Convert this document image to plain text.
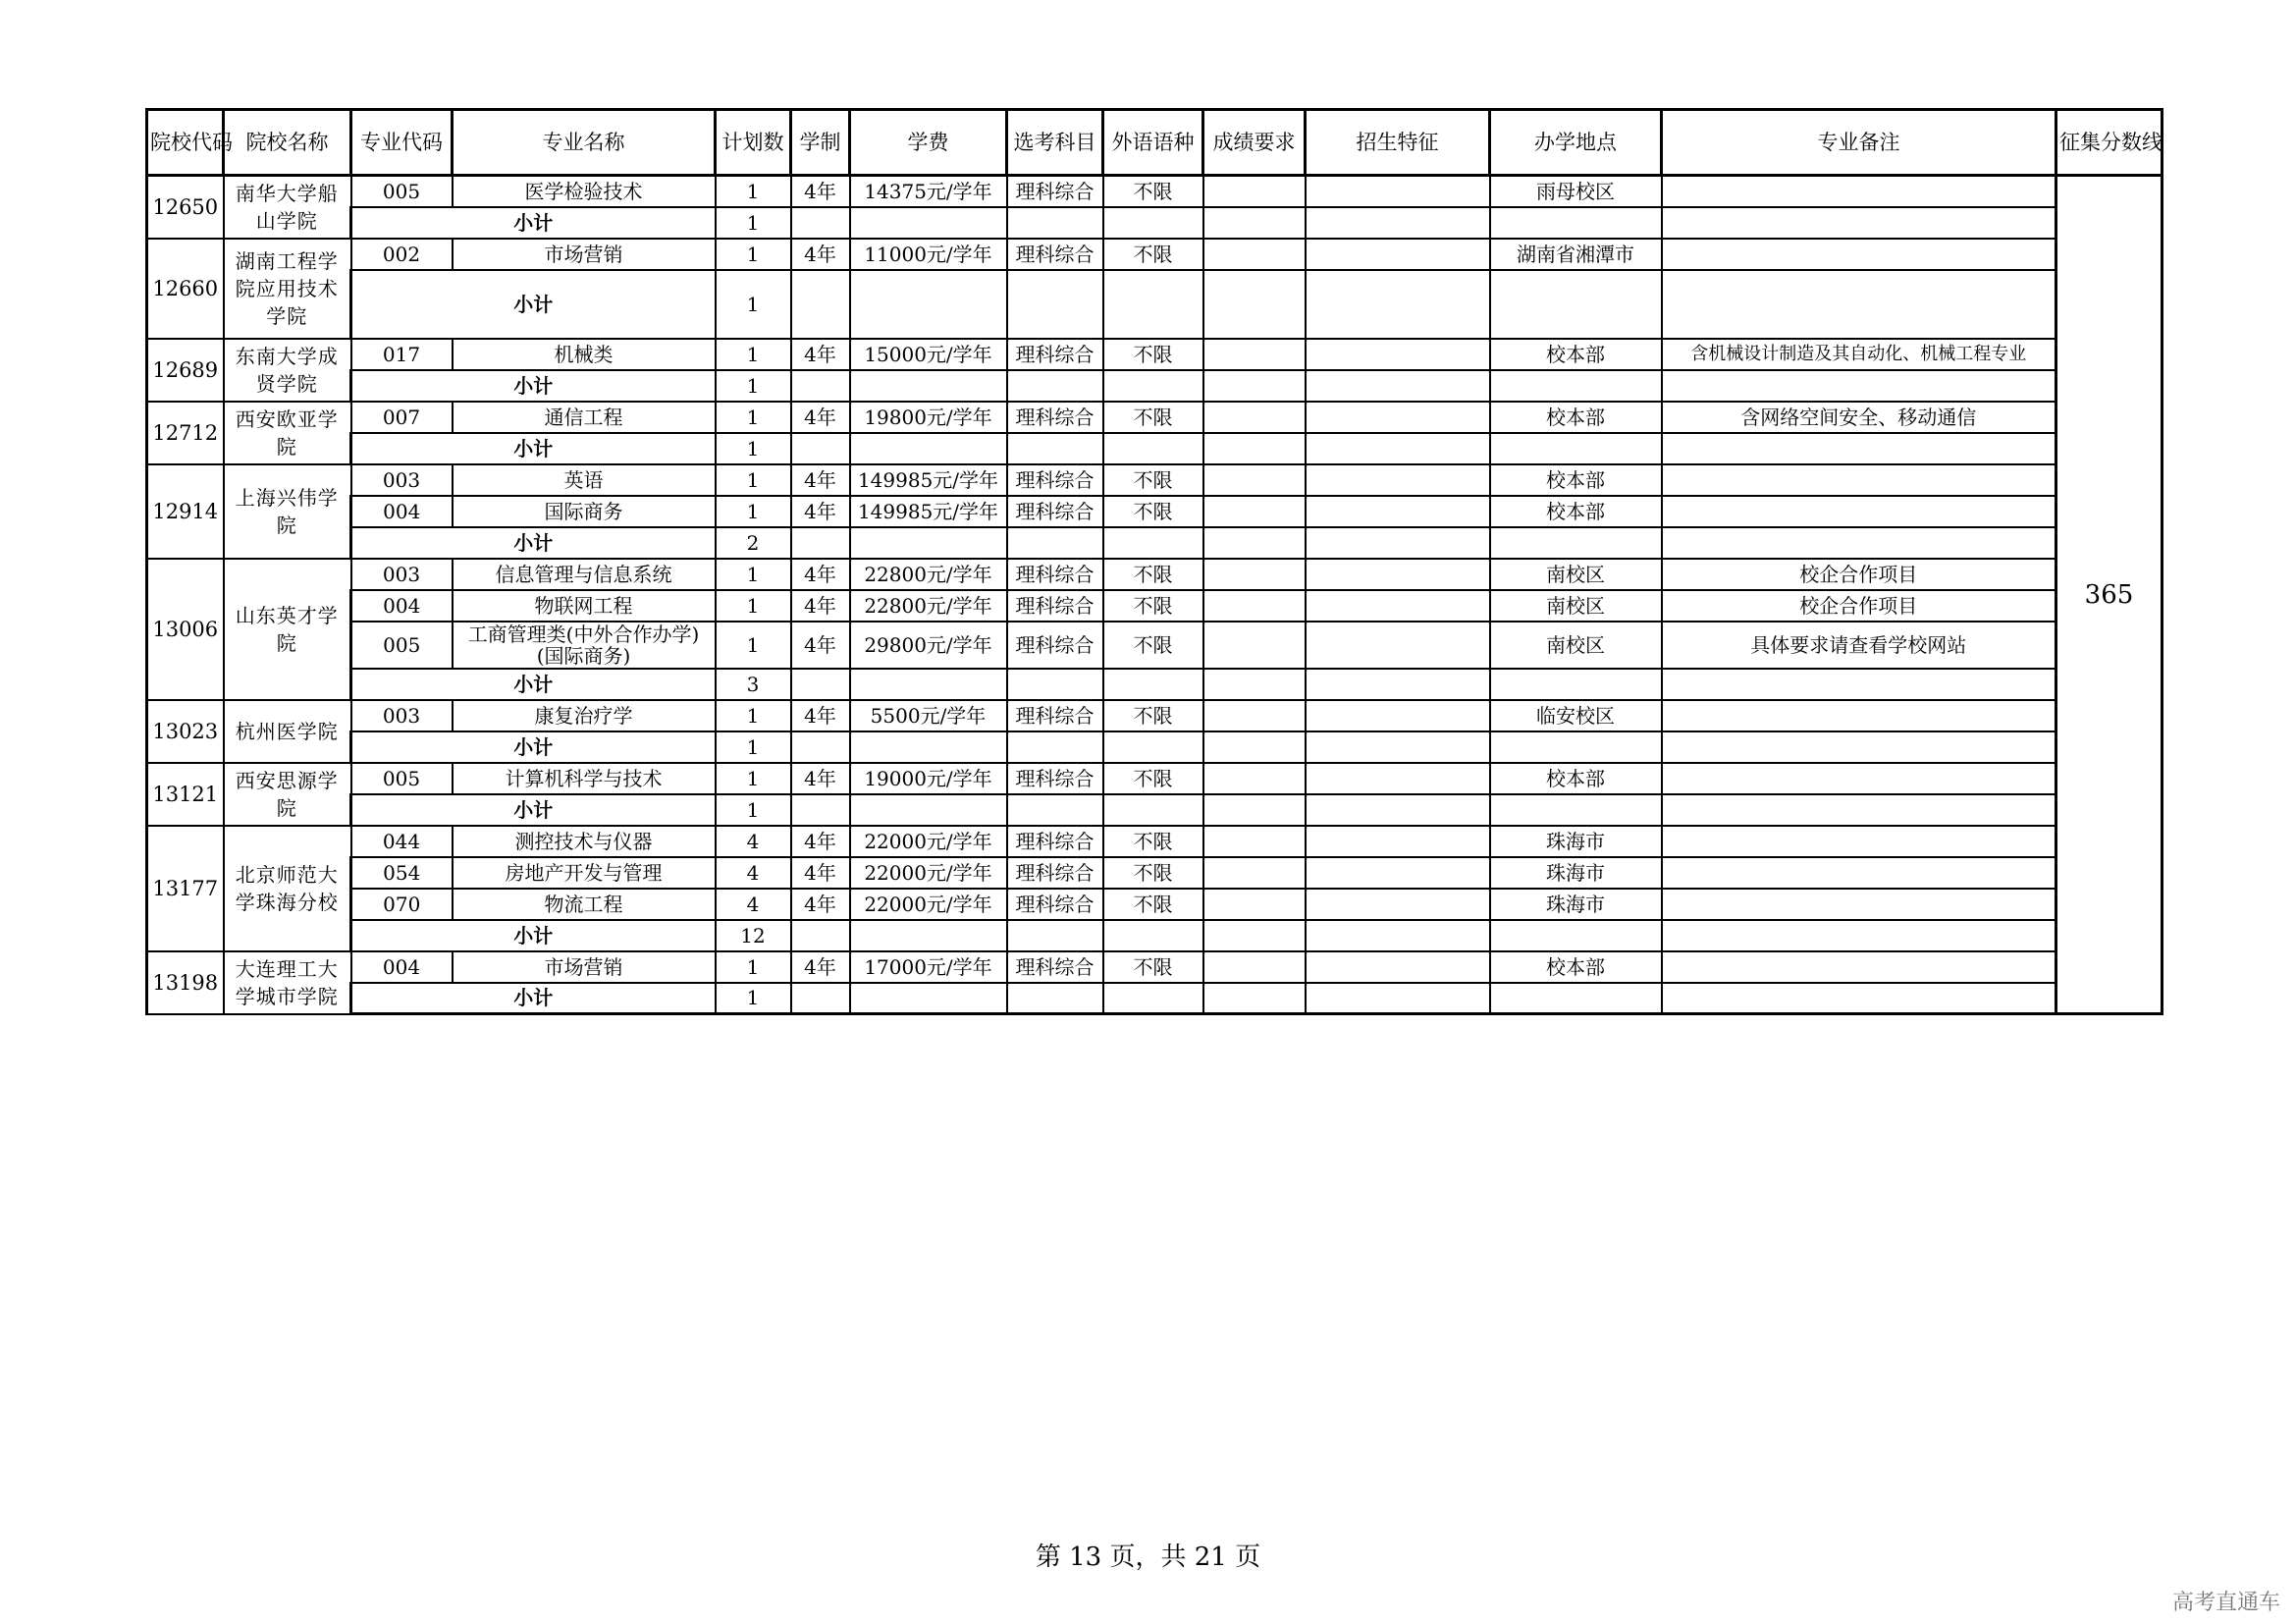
院校代码	院校名称	专业代码	专业名称	计划数	学制	学费	选考科目	外语语种	成绩要求	招生特征	办学地点	专业备注	征集分数线
12650	南华大学船山学院	005	医学检验技术	1	4年	14375元/学年	理科综合	不限			雨母校区		365
		小计		1									
12660	湖南工程学院应用技术学院	002	市场营销	1	4年	11000元/学年	理科综合	不限			湖南省湘潭市		
		小计		1									
12689	东南大学成贤学院	017	机械类	1	4年	15000元/学年	理科综合	不限			校本部	含机械设计制造及其自动化、机械工程专业	
		小计		1									
12712	西安欧亚学院	007	通信工程	1	4年	19800元/学年	理科综合	不限			校本部	含网络空间安全、移动通信	
		小计		1									
12914	上海兴伟学院	003	英语	1	4年	149985元/学年	理科综合	不限			校本部		
		004	国际商务	1	4年	149985元/学年	理科综合	不限			校本部		
		小计		2									
13006	山东英才学院	003	信息管理与信息系统	1	4年	22800元/学年	理科综合	不限			南校区	校企合作项目	
		004	物联网工程	1	4年	22800元/学年	理科综合	不限			南校区	校企合作项目	
		005	工商管理类(中外合作办学)(国际商务)	1	4年	29800元/学年	理科综合	不限			南校区	具体要求请查看学校网站	
		小计		3									
13023	杭州医学院	003	康复治疗学	1	4年	5500元/学年	理科综合	不限			临安校区		
		小计		1									
13121	西安思源学院	005	计算机科学与技术	1	4年	19000元/学年	理科综合	不限			校本部		
		小计		1									
13177	北京师范大学珠海分校	044	测控技术与仪器	4	4年	22000元/学年	理科综合	不限			珠海市		
		054	房地产开发与管理	4	4年	22000元/学年	理科综合	不限			珠海市		
		070	物流工程	4	4年	22000元/学年	理科综合	不限			珠海市		
		小计		12									
13198	大连理工大学城市学院	004	市场营销	1	4年	17000元/学年	理科综合	不限			校本部		
		小计		1									
第 13 页，共 21 页
高考直通车
